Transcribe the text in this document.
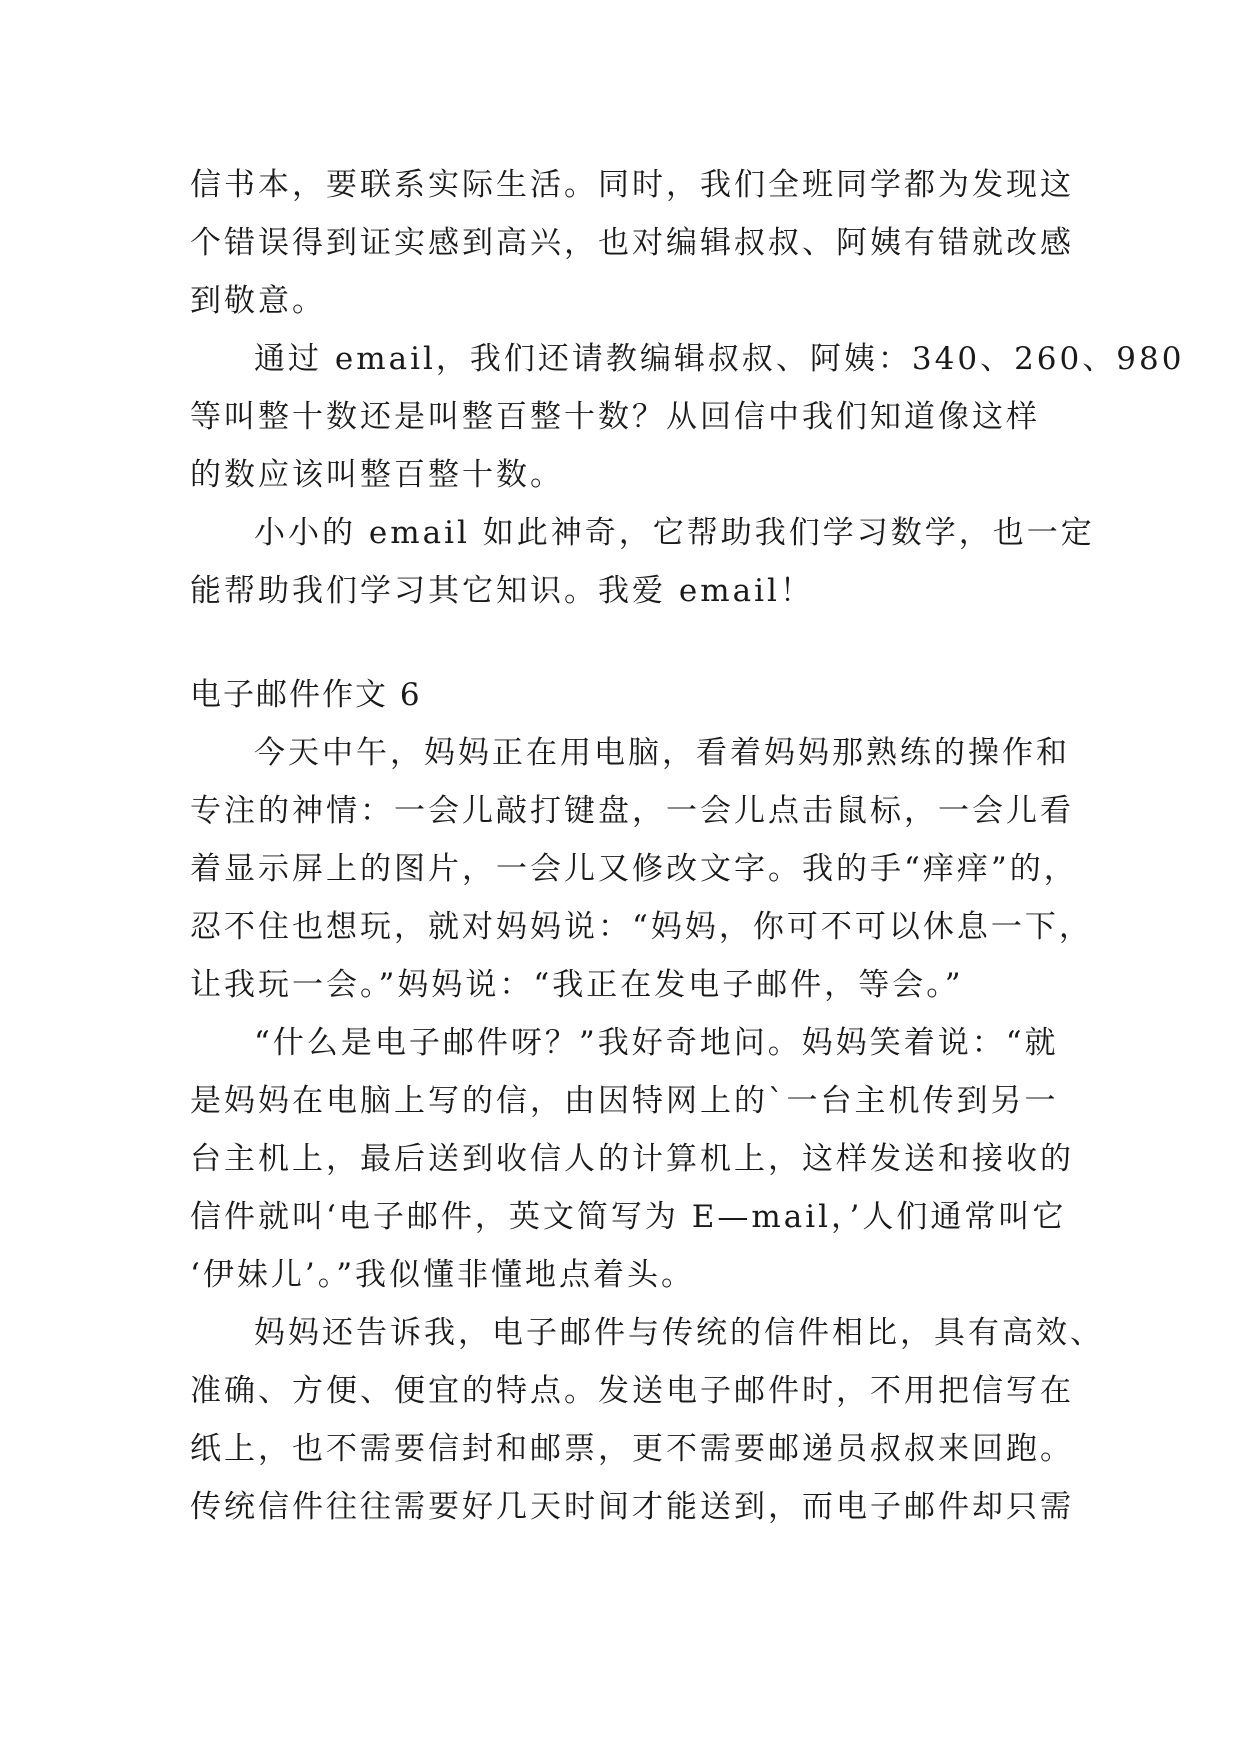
信书本，要联系实际生活。同时，我们全班同学都为发现这
个错误得到证实感到高兴，也对编辑叔叔、阿姨有错就改感
到敬意。
通过 email，我们还请教编辑叔叔、阿姨：340、260、980
等叫整十数还是叫整百整十数？从回信中我们知道像这样
的数应该叫整百整十数。
小小的 email 如此神奇，它帮助我们学习数学，也一定
能帮助我们学习其它知识。我爱 email！
电子邮件作文 6
今天中午，妈妈正在用电脑，看着妈妈那熟练的操作和
专注的神情：一会儿敲打键盘，一会儿点击鼠标，一会儿看
着显示屏上的图片，一会儿又修改文字。我的手“痒痒”的，
忍不住也想玩，就对妈妈说：“妈妈，你可不可以休息一下，
让我玩一会。”妈妈说：“我正在发电子邮件，等会。”
“什么是电子邮件呀？”我好奇地问。妈妈笑着说：“就
是妈妈在电脑上写的信，由因特网上的`一台主机传到另一
台主机上，最后送到收信人的计算机上，这样发送和接收的
信件就叫‘电子邮件，英文简写为 E—mail，’人们通常叫它
‘伊妹儿’。”我似懂非懂地点着头。
妈妈还告诉我，电子邮件与传统的信件相比，具有高效、
准确、方便、便宜的特点。发送电子邮件时，不用把信写在
纸上，也不需要信封和邮票，更不需要邮递员叔叔来回跑。
传统信件往往需要好几天时间才能送到，而电子邮件却只需
